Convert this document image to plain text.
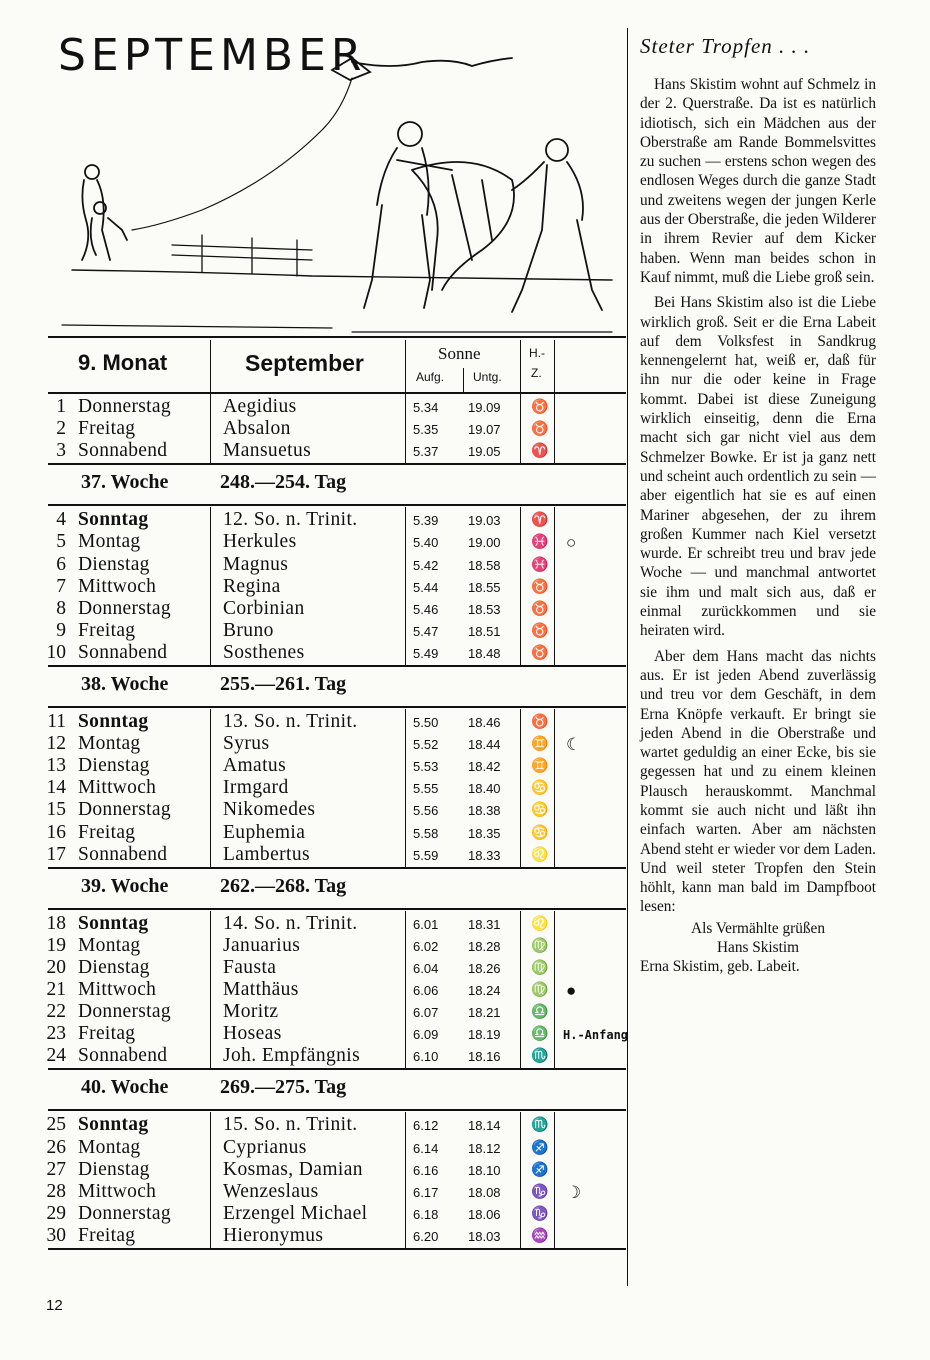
SEPTEMBER
9. Monat	September	Sonne
Aufg. Untg.
H.-
Z.
1 Donnerstag	Aegidius	5.34 19.09 ♉
2 Freitag	Absalon	5.35 19.07 ♉
3 Sonnabend	Mansuetus	5.37 19.05 ♈
37. Woche	248.—254. Tag
4 Sonntag	12. So. n. Trinit.	5.39 19.03 ♈
5 Montag	Herkules	5.40 19.00 ♓ ○
6 Dienstag	Magnus	5.42 18.58 ♓
7 Mittwoch	Regina	5.44 18.55 ♉
8 Donnerstag	Corbinian	5.46 18.53 ♉
9 Freitag	Bruno	5.47 18.51 ♉
10 Sonnabend	Sosthenes	5.49 18.48 ♉
38. Woche	255.—261. Tag
11 Sonntag	13. So. n. Trinit.	5.50 18.46 ♉
12 Montag	Syrus	5.52 18.44 ♊ ☾
13 Dienstag	Amatus	5.53 18.42 ♊
14 Mittwoch	Irmgard	5.55 18.40 ♋
15 Donnerstag	Nikomedes	5.56 18.38 ♋
16 Freitag	Euphemia	5.58 18.35 ♋
17 Sonnabend	Lambertus	5.59 18.33 ♌
39. Woche	262.—268. Tag
18 Sonntag	14. So. n. Trinit.	6.01 18.31 ♌
19 Montag	Januarius	6.02 18.28 ♍
20 Dienstag	Fausta	6.04 18.26 ♍
21 Mittwoch	Matthäus	6.06 18.24 ♍ ●
22 Donnerstag	Moritz	6.07 18.21 ♎
23 Freitag	Hoseas	6.09 18.19 ♎ H.-Anfang
24 Sonnabend	Joh. Empfängnis	6.10 18.16 ♏
40. Woche	269.—275. Tag
25 Sonntag	15. So. n. Trinit.	6.12 18.14 ♏
26 Montag	Cyprianus	6.14 18.12 ♐
27 Dienstag	Kosmas, Damian	6.16 18.10 ♐
28 Mittwoch	Wenzeslaus	6.17 18.08 ♑ ☽
29 Donnerstag	Erzengel Michael	6.18 18.06 ♑
30 Freitag	Hieronymus	6.20 18.03 ♒
12
Steter Tropfen . . .

Hans Skistim wohnt auf Schmelz in der 2. Querstraße. Da ist es natürlich idiotisch, sich ein Mädchen aus der Oberstraße am Rande Bommelsvittes zu suchen — erstens schon wegen des endlosen Weges durch die ganze Stadt und zweitens wegen der jungen Kerle aus der Oberstraße, die jeden Wilderer in ihrem Revier auf dem Kicker haben. Wenn man beides schon in Kauf nimmt, muß die Liebe groß sein.

Bei Hans Skistim also ist die Liebe wirklich groß. Seit er die Erna Labeit auf dem Volksfest in Sandkrug kennengelernt hat, weiß er, daß für ihn nur die oder keine in Frage kommt. Dabei ist diese Zuneigung wirklich einseitig, denn die Erna macht sich gar nicht viel aus dem Schmelzer Bowke. Er ist ja ganz nett und scheint auch ordentlich zu sein — aber eigentlich hat sie es auf einen Mariner abgesehen, der zu ihrem großen Kummer nach Kiel versetzt wurde. Er schreibt treu und brav jede Woche — und manchmal antwortet sie ihm und malt sich aus, daß er einmal zurückkommen und sie heiraten wird.

Aber dem Hans macht das nichts aus. Er ist jeden Abend zuverlässig und treu vor dem Geschäft, in dem Erna Knöpfe verkauft. Er bringt sie jeden Abend in die Oberstraße und wartet geduldig an einer Ecke, bis sie gegessen hat und zu einem kleinen Plausch herauskommt. Manchmal kommt sie auch nicht und läßt ihn einfach warten. Aber am nächsten Abend steht er wieder vor dem Laden. Und weil steter Tropfen den Stein höhlt, kann man bald im Dampfboot lesen:

Als Vermählte grüßen
Hans Skistim
Erna Skistim, geb. Labeit.
